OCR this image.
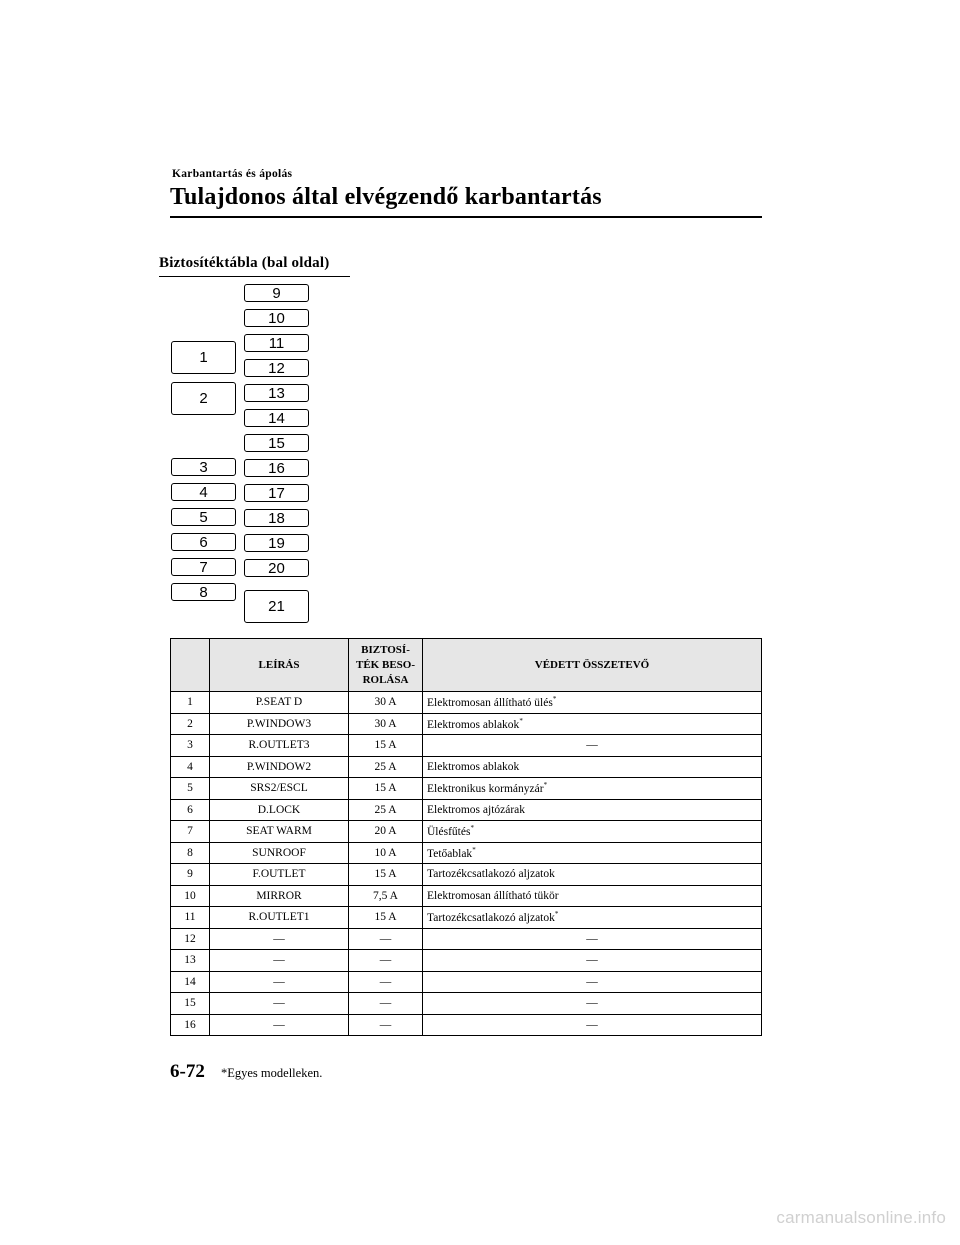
Karbantartás és ápolás
Tulajdonos által elvégzendő karbantartás
Biztosítéktábla (bal oldal)
1
2
3
4
5
6
7
8
9
10
11
12
13
14
15
16
17
18
19
20
21
	LEÍRÁS	BIZTOSÍ-
TÉK BESO-
ROLÁSA	VÉDETT ÖSSZETEVŐ
1	P.SEAT D	30 A	Elektromosan állítható ülés*
2	P.WINDOW3	30 A	Elektromos ablakok*
3	R.OUTLET3	15 A	―
4	P.WINDOW2	25 A	Elektromos ablakok
5	SRS2/ESCL	15 A	Elektronikus kormányzár*
6	D.LOCK	25 A	Elektromos ajtózárak
7	SEAT WARM	20 A	Ülésfűtés*
8	SUNROOF	10 A	Tetőablak*
9	F.OUTLET	15 A	Tartozékcsatlakozó aljzatok
10	MIRROR	7,5 A	Elektromosan állítható tükör
11	R.OUTLET1	15 A	Tartozékcsatlakozó aljzatok*
12	―	―	―
13	―	―	―
14	―	―	―
15	―	―	―
16	―	―	―
6-72 *Egyes modelleken.
carmanualsonline.info
